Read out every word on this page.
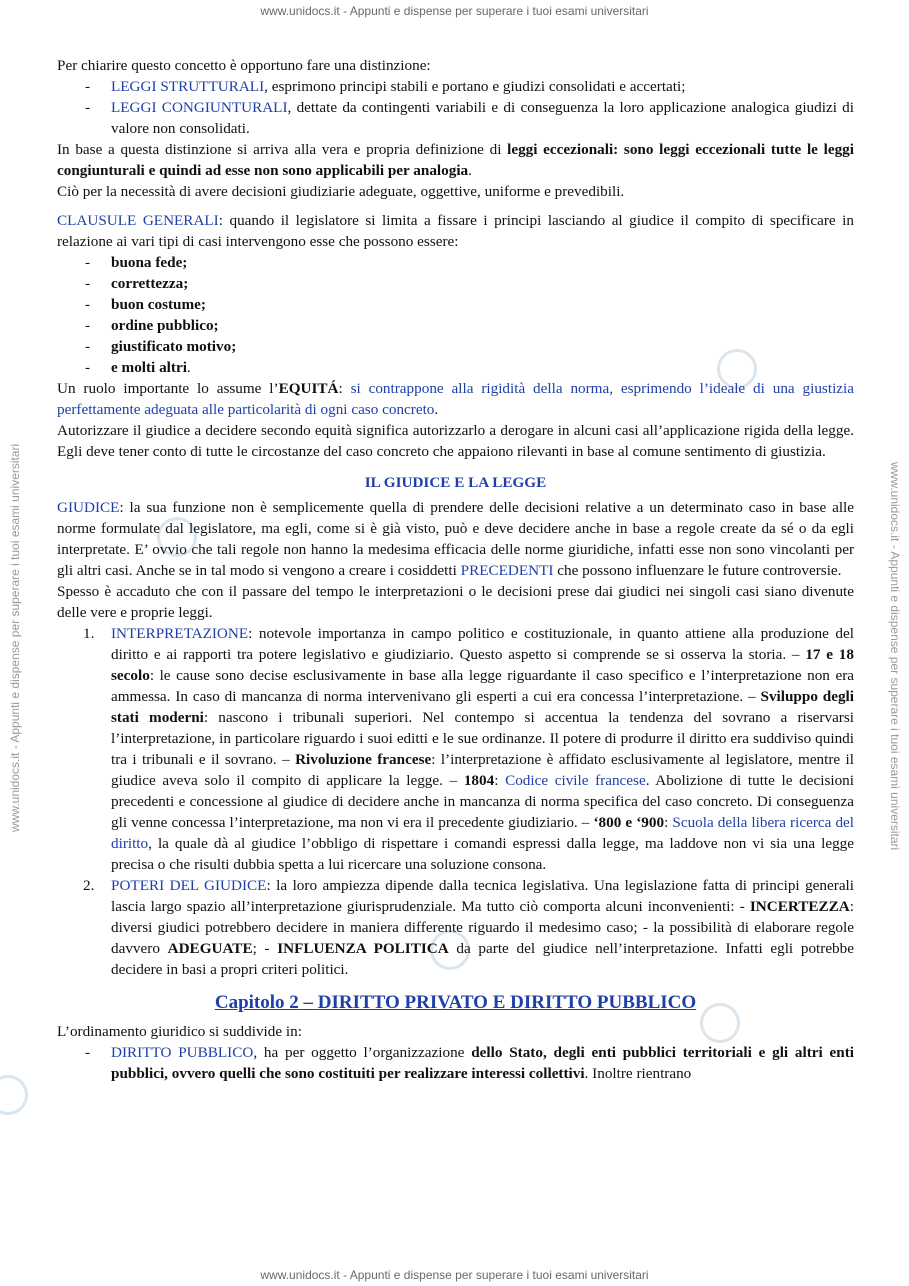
www.unidocs.it - Appunti e dispense per superare i tuoi esami universitari
www.unidocs.it - Appunti e dispense per superare i tuoi esami universitari	www.unidocs.it - Appunti e dispense per superare i tuoi esami universitari

Per chiarire questo concetto è opportuno fare una distinzione:

- LEGGI STRUTTURALI, esprimono principi stabili e portano e giudizi consolidati e accertati;
- LEGGI CONGIUNTURALI, dettate da contingenti variabili e di conseguenza la loro applicazione analogica giudizi di valore non consolidati.

In base a questa distinzione si arriva alla vera e propria definizione di leggi eccezionali: sono leggi eccezionali tutte le leggi congiunturali e quindi ad esse non sono applicabili per analogia.

Ciò per la necessità di avere decisioni giudiziarie adeguate, oggettive, uniforme e prevedibili.

CLAUSULE GENERALI: quando il legislatore si limita a fissare i principi lasciando al giudice il compito di specificare in relazione ai vari tipi di casi intervengono esse che possono essere:

- buona fede;
- correttezza;
- buon costume;
- ordine pubblico;
- giustificato motivo;
- e molti altri.

Un ruolo importante lo assume l’EQUITÁ: si contrappone alla rigidità della norma, esprimendo l’ideale di una giustizia perfettamente adeguata alle particolarità di ogni caso concreto.

Autorizzare il giudice a decidere secondo equità significa autorizzarlo a derogare in alcuni casi all’applicazione rigida della legge. Egli deve tener conto di tutte le circostanze del caso concreto che appaiono rilevanti in base al comune sentimento di giustizia.

IL GIUDICE E LA LEGGE

GIUDICE: la sua funzione non è semplicemente quella di prendere delle decisioni relative a un determinato caso in base alle norme formulate dal legislatore, ma egli, come si è già visto, può e deve decidere anche in base a regole create da sé o da egli interpretate. E’ ovvio che tali regole non hanno la medesima efficacia delle norme giuridiche, infatti esse non sono vincolanti per gli altri casi. Anche se in tal modo si vengono a creare i cosiddetti PRECEDENTI che possono influenzare le future controversie.

Spesso è accaduto che con il passare del tempo le interpretazioni o le decisioni prese dai giudici nei singoli casi siano divenute delle vere e proprie leggi.

1. INTERPRETAZIONE: notevole importanza in campo politico e costituzionale, in quanto attiene alla produzione del diritto e ai rapporti tra potere legislativo e giudiziario. Questo aspetto si comprende se si osserva la storia. – 17 e 18 secolo: le cause sono decise esclusivamente in base alla legge riguardante il caso specifico e l’interpretazione non era ammessa. In caso di mancanza di norma intervenivano gli esperti a cui era concessa l’interpretazione. – Sviluppo degli stati moderni: nascono i tribunali superiori. Nel contempo si accentua la tendenza del sovrano a riservarsi l’interpretazione, in particolare riguardo i suoi editti e le sue ordinanze. Il potere di produrre il diritto era suddiviso quindi tra i tribunali e il sovrano. – Rivoluzione francese: l’interpretazione è affidato esclusivamente al legislatore, mentre il giudice aveva solo il compito di applicare la legge. – 1804: Codice civile francese. Abolizione di tutte le decisioni precedenti e concessione al giudice di decidere anche in mancanza di norma specifica del caso concreto. Di conseguenza gli venne concessa l’interpretazione, ma non vi era il precedente giudiziario. – ‘800 e ‘900: Scuola della libera ricerca del diritto, la quale dà al giudice l’obbligo di rispettare i comandi espressi dalla legge, ma laddove non vi sia una legge precisa o che risulti dubbia spetta a lui ricercare una soluzione consona.
2. POTERI DEL GIUDICE: la loro ampiezza dipende dalla tecnica legislativa. Una legislazione fatta di principi generali lascia largo spazio all’interpretazione giurisprudenziale. Ma tutto ciò comporta alcuni inconvenienti: - INCERTEZZA: diversi giudici potrebbero decidere in maniera differente riguardo il medesimo caso; - la possibilità di elaborare regole davvero ADEGUATE; - INFLUENZA POLITICA da parte del giudice nell’interpretazione. Infatti egli potrebbe decidere in basi a propri criteri politici.
Capitolo 2 – DIRITTO PRIVATO E DIRITTO PUBBLICO

L’ordinamento giuridico si suddivide in:

- DIRITTO PUBBLICO, ha per oggetto l’organizzazione dello Stato, degli enti pubblici territoriali e gli altri enti pubblici, ovvero quelli che sono costituiti per realizzare interessi collettivi. Inoltre rientrano
www.unidocs.it - Appunti e dispense per superare i tuoi esami universitari
